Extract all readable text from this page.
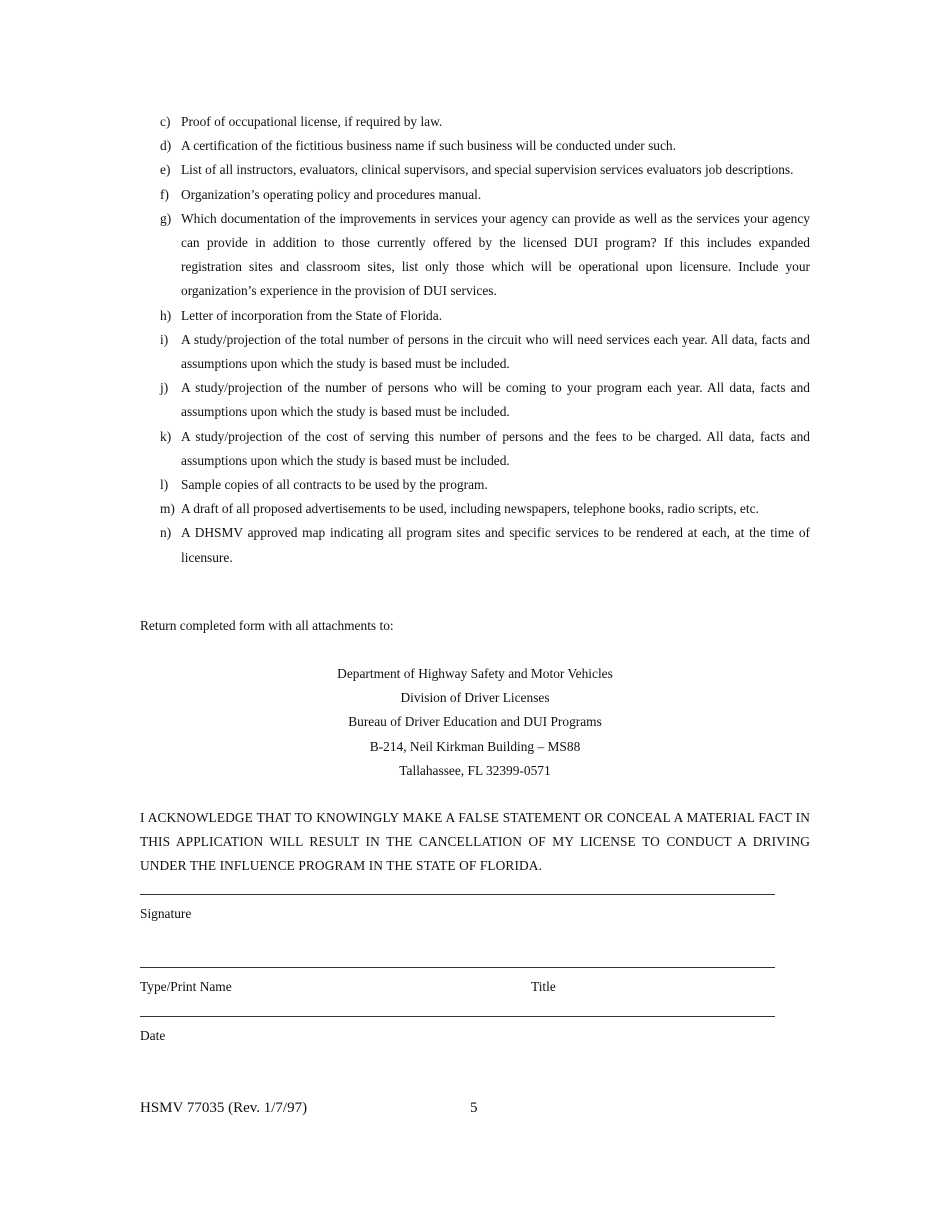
c) Proof of occupational license, if required by law.
d) A certification of the fictitious business name if such business will be conducted under such.
e) List of all instructors, evaluators, clinical supervisors, and special supervision services evaluators job descriptions.
f) Organization’s operating policy and procedures manual.
g) Which documentation of the improvements in services your agency can provide as well as the services your agency can provide in addition to those currently offered by the licensed DUI program? If this includes expanded registration sites and classroom sites, list only those which will be operational upon licensure. Include your organization’s experience in the provision of DUI services.
h) Letter of incorporation from the State of Florida.
i) A study/projection of the total number of persons in the circuit who will need services each year. All data, facts and assumptions upon which the study is based must be included.
j) A study/projection of the number of persons who will be coming to your program each year. All data, facts and assumptions upon which the study is based must be included.
k) A study/projection of the cost of serving this number of persons and the fees to be charged. All data, facts and assumptions upon which the study is based must be included.
l) Sample copies of all contracts to be used by the program.
m) A draft of all proposed advertisements to be used, including newspapers, telephone books, radio scripts, etc.
n) A DHSMV approved map indicating all program sites and specific services to be rendered at each, at the time of licensure.
Return completed form with all attachments to:
Department of Highway Safety and Motor Vehicles
Division of Driver Licenses
Bureau of Driver Education and DUI Programs
B-214, Neil Kirkman Building – MS88
Tallahassee, FL 32399-0571
I ACKNOWLEDGE THAT TO KNOWINGLY MAKE A FALSE STATEMENT OR CONCEAL A MATERIAL FACT IN THIS APPLICATION WILL RESULT IN THE CANCELLATION OF MY LICENSE TO CONDUCT A DRIVING UNDER THE INFLUENCE PROGRAM IN THE STATE OF FLORIDA.
Signature
Type/Print Name	Title
Date
HSMV 77035 (Rev. 1/7/97)	5
